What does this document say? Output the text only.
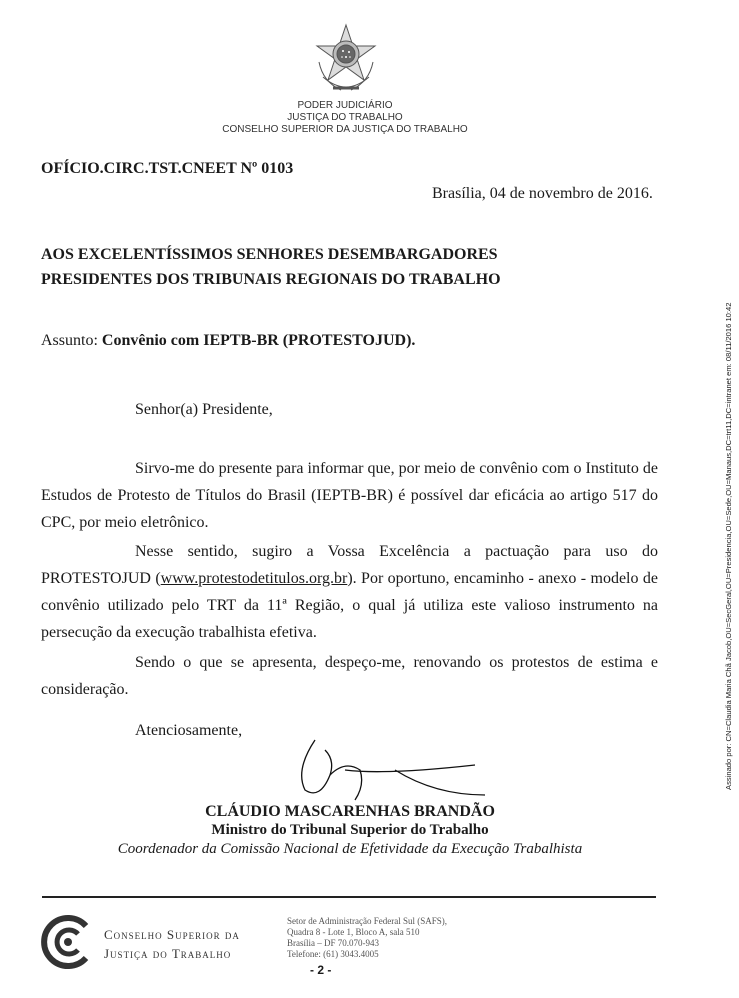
PODER JUDICIÁRIO
JUSTIÇA DO TRABALHO
CONSELHO SUPERIOR DA JUSTIÇA DO TRABALHO
OFÍCIO.CIRC.TST.CNEET Nº 0103
Brasília, 04 de novembro de 2016.
AOS EXCELENTÍSSIMOS SENHORES DESEMBARGADORES
PRESIDENTES DOS TRIBUNAIS REGIONAIS DO TRABALHO
Assunto: Convênio com IEPTB-BR (PROTESTOJUD).
Senhor(a) Presidente,
Sirvo-me do presente para informar que, por meio de convênio com o Instituto de Estudos de Protesto de Títulos do Brasil (IEPTB-BR) é possível dar eficácia ao artigo 517 do CPC, por meio eletrônico.
Nesse sentido, sugiro a Vossa Excelência a pactuação para uso do PROTESTOJUD (www.protestodetitulos.org.br). Por oportuno, encaminho - anexo - modelo de convênio utilizado pelo TRT da 11ª Região, o qual já utiliza este valioso instrumento na persecução da execução trabalhista efetiva.
Sendo o que se apresenta, despeço-me, renovando os protestos de estima e consideração.
Atenciosamente,
CLÁUDIO MASCARENHAS BRANDÃO
Ministro do Tribunal Superior do Trabalho
Coordenador da Comissão Nacional de Efetividade da Execução Trabalhista
Conselho Superior da
Justiça do Trabalho
Setor de Administração Federal Sul (SAFS),
Quadra 8 - Lote 1, Bloco A, sala 510
Brasília – DF 70.070-943
Telefone: (61) 3043.4005
- 2 -
Assinado por: CN=Claudia Maria Chã Jacob,OU=SecGeral,OU=Presidencia,OU=Sede,OU=Manaus,DC=trt11,DC=intranet em: 08/11/2016 10:42
